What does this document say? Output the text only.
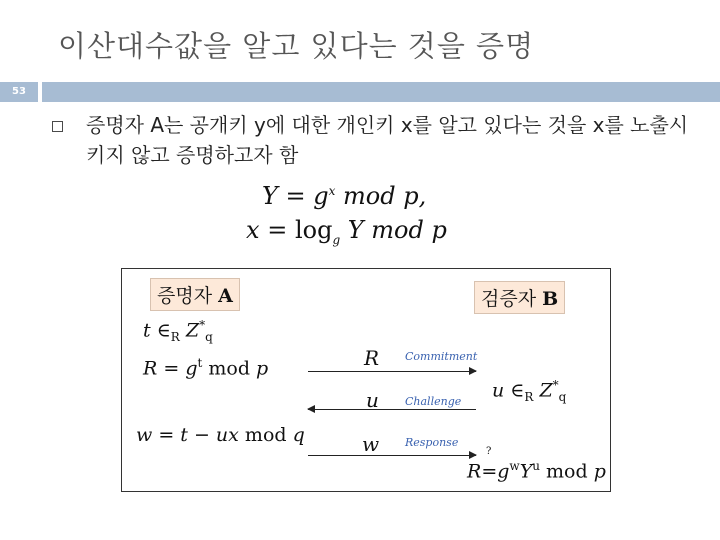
이산대수값을 알고 있다는 것을 증명
53
증명자 A는 공개키 y에 대한 개인키 x를 알고 있다는 것을 x를 노출시키지 않고 증명하고자 함
$Y = g^x$ mod p,
$x = \log_g Y$ mod p
증명자 A	검증자 B
t $\in_R$ $Z^*_q$
$R = g^t$ mod p
w = t − ux mod q
R Commitment
u Challenge
w Response
u $\in_R$ $Z^*_q$
?
$R=g^wY^u$ mod p
